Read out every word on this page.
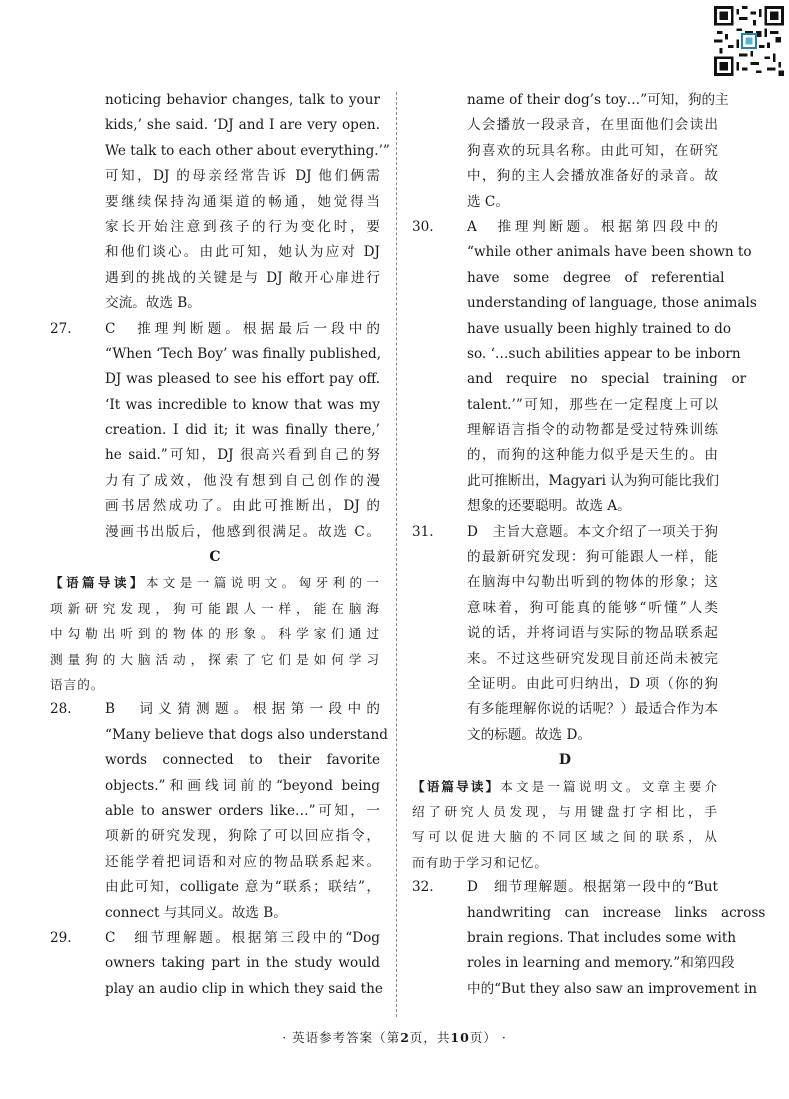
noticing behavior changes, talk to your
kids,’ she said. ‘DJ and I are very open.
We talk to each other about everything.’”
可知，DJ 的母亲经常告诉 DJ 他们俩需
要继续保持沟通渠道的畅通，她觉得当
家长开始注意到孩子的行为变化时，要
和他们谈心。由此可知，她认为应对 DJ
遇到的挑战的关键是与 DJ 敞开心扉进行
交流。故选 B。
27. C　推理判断题。根据最后一段中的
“When ‘Tech Boy’ was finally published,
DJ was pleased to see his effort pay off.
‘It was incredible to know that was my
creation. I did it; it was finally there,’
he said.”可知，DJ 很高兴看到自己的努
力有了成效，他没有想到自己创作的漫
画书居然成功了。由此可推断出，DJ 的
漫画书出版后，他感到很满足。故选 C。
C
【语篇导读】本文是一篇说明文。匈牙利的一
项新研究发现，狗可能跟人一样，能在脑海
中勾勒出听到的物体的形象。科学家们通过
测量狗的大脑活动，探索了它们是如何学习
语言的。
28. B　词义猜测题。根据第一段中的
“Many believe that dogs also understand
words　connected　to　their　favorite
objects.”和画线词前的“beyond being
able to answer orders like…”可知，一
项新的研究发现，狗除了可以回应指令，
还能学着把词语和对应的物品联系起来。
由此可知，colligate 意为“联系；联结”，
connect 与其同义。故选 B。
29. C　细节理解题。根据第三段中的“Dog
owners taking part in the study would
play an audio clip in which they said the
name of their dog’s toy…”可知，狗的主
人会播放一段录音，在里面他们会读出
狗喜欢的玩具名称。由此可知，在研究
中，狗的主人会播放准备好的录音。故
选 C。
30. A　推理判断题。根据第四段中的
“while other animals have been shown to
have　some　degree　of　referential
understanding of language, those animals
have usually been highly trained to do
so. ‘…such abilities appear to be inborn
and　require　no　special　training　or
talent.’”可知，那些在一定程度上可以
理解语言指令的动物都是受过特殊训练
的，而狗的这种能力似乎是天生的。由
此可推断出，Magyari 认为狗可能比我们
想象的还要聪明。故选 A。
31. D　主旨大意题。本文介绍了一项关于狗
的最新研究发现：狗可能跟人一样，能
在脑海中勾勒出听到的物体的形象；这
意味着，狗可能真的能够“听懂”人类
说的话，并将词语与实际的物品联系起
来。不过这些研究发现目前还尚未被完
全证明。由此可归纳出，D 项（你的狗
有多能理解你说的话呢？）最适合作为本
文的标题。故选 D。
D
【语篇导读】本文是一篇说明文。文章主要介
绍了研究人员发现，与用键盘打字相比，手
写可以促进大脑的不同区域之间的联系，从
而有助于学习和记忆。
32. D　细节理解题。根据第一段中的“But
handwriting　can　increase　links　across
brain regions. That includes some with
roles in learning and memory.”和第四段
中的“But they also saw an improvement in
· 英语参考答案（第2页，共10页） ·
